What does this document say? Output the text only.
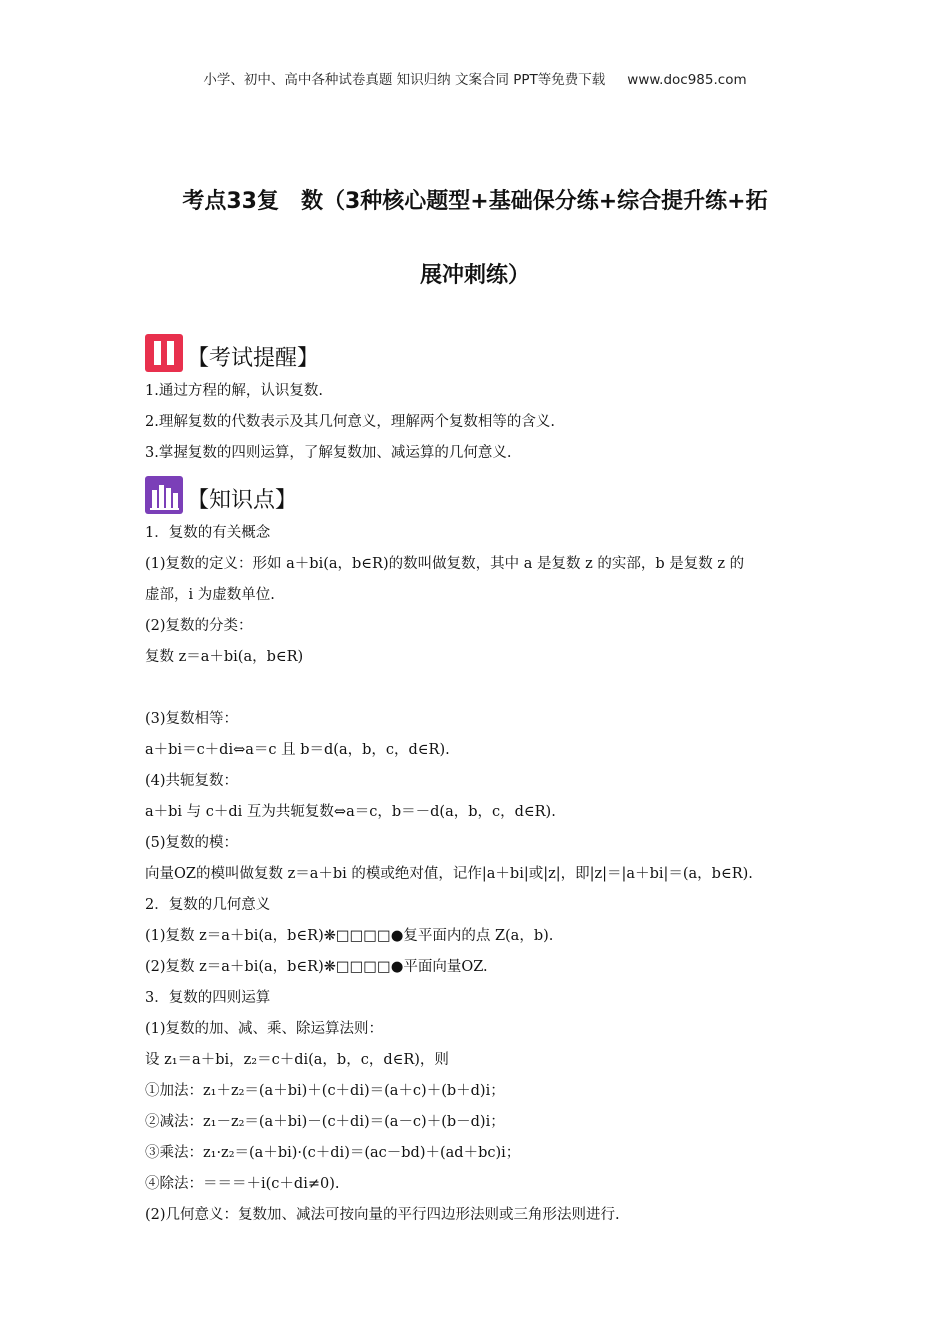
小学、初中、高中各种试卷真题 知识归纳 文案合同 PPT等免费下载 www.doc985.com
考点33复　数（3种核心题型+基础保分练+综合提升练+拓
展冲刺练）
【考试提醒】
1.通过方程的解，认识复数.
2.理解复数的代数表示及其几何意义，理解两个复数相等的含义.
3.掌握复数的四则运算，了解复数加、减运算的几何意义.
【知识点】
1．复数的有关概念
(1)复数的定义：形如 a＋bi(a，b∈R)的数叫做复数，其中 a 是复数 z 的实部，b 是复数 z 的
虚部，i 为虚数单位.
(2)复数的分类：
复数 z＝a＋bi(a，b∈R)
(3)复数相等：
a＋bi＝c＋di⇔a＝c 且 b＝d(a，b，c，d∈R).
(4)共轭复数：
a＋bi 与 c＋di 互为共轭复数⇔a＝c，b＝－d(a，b，c，d∈R).
(5)复数的模：
向量OZ的模叫做复数 z＝a＋bi 的模或绝对值，记作|a＋bi|或|z|，即|z|＝|a＋bi|＝(a，b∈R).
2．复数的几何意义
(1)复数 z＝a＋bi(a，b∈R)❋□□□□●复平面内的点 Z(a，b).
(2)复数 z＝a＋bi(a，b∈R)❋□□□□●平面向量OZ.
3．复数的四则运算
(1)复数的加、减、乘、除运算法则：
设 z₁＝a＋bi，z₂＝c＋di(a，b，c，d∈R)，则
①加法：z₁＋z₂＝(a＋bi)＋(c＋di)＝(a＋c)＋(b＋d)i；
②减法：z₁－z₂＝(a＋bi)－(c＋di)＝(a－c)＋(b－d)i；
③乘法：z₁·z₂＝(a＋bi)·(c＋di)＝(ac－bd)＋(ad＋bc)i；
④除法：＝＝＝＋i(c＋di≠0).
(2)几何意义：复数加、减法可按向量的平行四边形法则或三角形法则进行.
